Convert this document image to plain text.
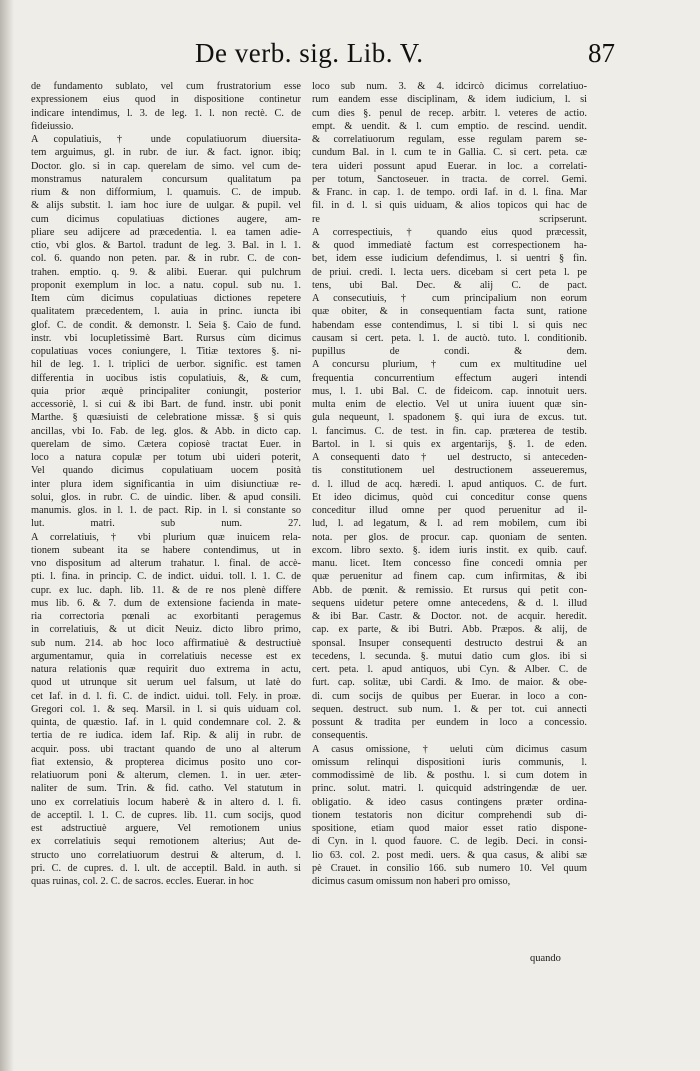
De verb. sig. Lib. V.	87
de fundamento sublato, vel cum frustratorium esse
expressionem eius quod in dispositione continetur
indicare intendimus, l. 3. de leg. 1. l. non rectè. C. de
fideiussio.
A copulatiuis, † unde copulatiuorum diuersita-
tem arguimus, gl. in rubr. de iur. & fact. ignor. ibiq;
Doctor. glo. si in cap. querelam de simo. vel cum de-
monstramus naturalem concursum qualitatum pa
rium & non difformium, l. quamuis. C. de impub.
& alijs substit. l. iam hoc iure de uulgar. & pupil. vel
cum dicimus copulatiuas dictiones augere, am-
pliare seu adijcere ad præcedentia. l. ea tamen adie-
ctio, vbi glos. & Bartol. tradunt de leg. 3. Bal. in l. 1.
col. 6. quando non peten. par. & in rubr. C. de con-
trahen. emptio. q. 9. & alibi. Euerar. qui pulchrum
proponit exemplum in loc. a natu. copul. sub nu. 1.
Item cùm dicimus copulatiuas dictiones repetere
qualitatem præcedentem, l. auia in princ. iuncta ibi
glof. C. de condit. & demonstr. l. Seia §. Caio de fund.
instr. vbi locupletissimè Bart. Rursus cùm dicimus
copulatiuas voces coniungere, l. Titiæ textores §. ni-
hil de leg. 1. l. triplici de uerbor. signific. est tamen
differentia in uocibus istis copulatiuis, &, & cum,
quia prior æquè principaliter coniungit, posterior
accessoriè, l. si cui & ibi Bart. de fund. instr. ubi ponit
Marthe. § quæsiuisti de celebratione missæ. § si quis
ancillas, vbi Io. Fab. de leg. glos. & Abb. in dicto cap.
querelam de simo. Cætera copiosè tractat Euer. in
loco a natura copulæ per totum ubi uideri poterit,
Vel quando dicimus copulatiuam uocem posità
inter plura idem significantia in uim disiunctiuæ re-
solui, glos. in rubr. C. de uindic. liber. & apud consili.
manumis. glos. in l. 1. de pact. Rip. in l. si constante so
lut. matri. sub num. 27.
A correlatiuis, † vbi plurium quæ inuicem rela-
tionem subeant ita se habere contendimus, ut in
vno dispositum ad alterum trahatur. l. final. de accè-
pti. l. fina. in princip. C. de indict. uidui. toll. l. 1. C. de
cupr. ex luc. daph. lib. 11. & de re nos plenè differe
mus lib. 6. & 7. dum de extensione facienda in mate-
ria correctoria pœnali ac exorbitanti peragemus
in correlatiuis, & ut dicit Neuiz. dicto libro primo,
sub num. 214. ab hoc loco affirmatiuè & destructiuè
argumentamur, quia in correlatiuis necesse est ex
natura relationis quæ requirit duo extrema in actu,
quod ut utrunque sit uerum uel falsum, ut latè do
cet Iaf. in d. l. fi. C. de indict. uidui. toll. Fely. in proæ.
Gregori col. 1. & seq. Marsil. in l. si quis uiduam col.
quinta, de quæstio. Iaf. in l. quid condemnare col. 2. &
tertia de re iudica. idem Iaf. Rip. & alij in rubr. de
acquir. poss. ubi tractant quando de uno al alterum
fiat extensio, & propterea dicimus posito uno cor-
relatiuorum poni & alterum, clemen. 1. in uer. æter-
naliter de sum. Trin. & fid. catho. Vel statutum in
uno ex correlatiuis locum haberè & in altero d. l. fi.
de acceptil. l. 1. C. de cupres. lib. 11. cum socijs, quod
est adstructiuè arguere, Vel remotionem unius
ex correlatiuis sequi remotionem alterius; Aut de-
structo uno correlatiuorum destrui & alterum, d. l.
pri. C. de cupres. d. l. ult. de acceptil. Bald. in auth. si
quas ruinas, col. 2. C. de sacros. eccles. Euerar. in hoc
loco sub num. 3. & 4. idcircò dicimus correlatiuo-
rum eandem esse disciplinam, & idem iudicium, l. si
cum dies §. penul de recep. arbitr. l. veteres de actio.
empt. & uendit. & l. cum emptio. de rescind. uendit.
& correlatiuorum regulam, esse regulam parem se-
cundum Bal. in l. cum te in Gallia. C. si cert. peta. cæ
tera uideri possunt apud Euerar. in loc. a correlati-
per totum, Sanctoseuer. in tracta. de correl. Gemi.
& Franc. in cap. 1. de tempo. ordi Iaf. in d. l. fina. Mar
fil. in d. l. si quis uiduam, & alios topicos qui hac de
re scripserunt.
A correspectiuis, † quando eius quod præcessit,
& quod immediatè factum est correspectionem ha-
bet, idem esse iudicium defendimus, l. si uentri § fin.
de priui. credi. l. lecta uers. dicebam si cert peta l. pe
tens, ubi Bal. Dec. & alij C. de pact.
A consecutiuis, † cum principalium non eorum
quæ obiter, & in consequentiam facta sunt, ratione
habendam esse contendimus, l. si tibi l. si quis nec
causam si cert. peta. l. 1. de auctò. tuto. l. conditionib.
pupillus de condi. & dem.
A concursu plurium, † cum ex multitudine uel
frequentia concurrentium effectum augeri intendi
mus, l. 1. ubi Bal. C. de fideicom. cap. innotuit uers.
multa enim de electio. Vel ut unira iuuent quæ sin-
gula nequeunt, l. spadonem §. qui iura de excus. tut.
l. fancimus. C. de test. in fin. cap. præterea de testib.
Bartol. in l. si quis ex argentarijs, §. 1. de eden.
A consequenti dato † uel destructo, si anteceden-
tis constitutionem uel destructionem asseueremus,
d. l. illud de acq. hæredi. l. apud antiquos. C. de furt.
Et ideo dicimus, quòd cui conceditur conse quens
conceditur illud omne per quod peruenitur ad il-
lud, l. ad legatum, & l. ad rem mobilem, cum ibi
nota. per glos. de procur. cap. quoniam de senten.
excom. libro sexto. §. idem iuris instit. ex quib. cauf.
manu. licet. Item concesso fine concedi omnia per
quæ peruenitur ad finem cap. cum infirmitas, & ibi
Abb. de pœnit. & remissio. Et rursus qui petit con-
sequens uidetur petere omne antecedens, & d. l. illud
& ibi Bar. Castr. & Doctor. not. de acquir. heredit.
cap. ex parte, & ibi Butri. Abb. Præpos. & alij, de
sponsal. Insuper consequenti destructo destrui & an
tecedens, l. secunda. §. mutui datio cum glos. ibi si
cert. peta. l. apud antiquos, ubi Cyn. & Alber. C. de
furt. cap. solitæ, ubi Cardi. & Imo. de maior. & obe-
di. cum socijs de quibus per Euerar. in loco a con-
sequen. destruct. sub num. 1. & per tot. cui annecti
possunt & tradita per eundem in loco a concessio.
consequentis.
A casus omissione, † ueluti cùm dicimus casum
omissum relinqui dispositioni iuris communis, l.
commodissimè de lib. & posthu. l. si cum dotem in
princ. solut. matri. l. quicquid adstringendæ de uer.
obligatio. & ideo casus contingens præter ordina-
tionem testatoris non dicitur comprehendi sub di-
spositione, etiam quod maior esset ratio dispone-
di Cyn. in l. quod fauore. C. de legib. Deci. in consi-
lio 63. col. 2. post medi. uers. & qua casus, & alibi sæ
pè Crauet. in consilio 166. sub numero 10. Vel quum
dicimus casum omissum non haberi pro omisso,
quando
